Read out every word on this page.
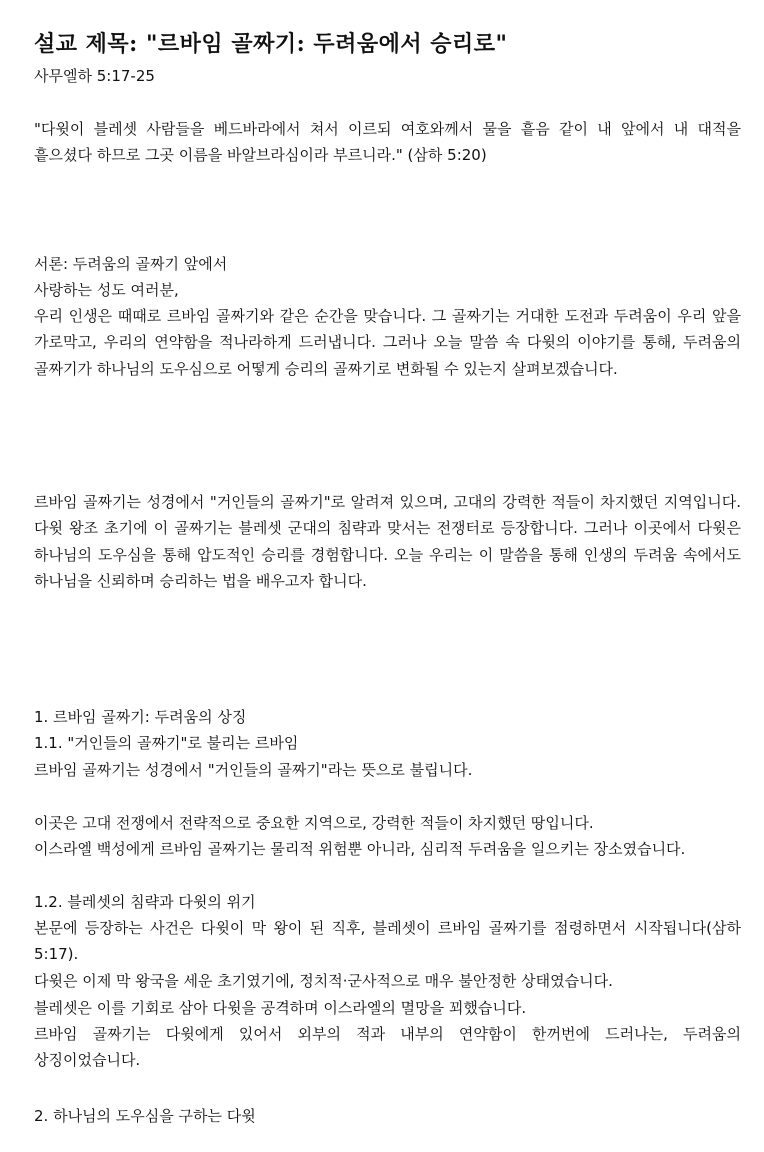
설교 제목: "르바임 골짜기: 두려움에서 승리로"
사무엘하 5:17-25

"다윗이 블레셋 사람들을 베드바라에서 쳐서 이르되 여호와께서 물을 흩음 같이 내 앞에서 내 대적을 흩으셨다 하므로 그곳 이름을 바알브라심이라 부르니라." (삼하 5:20)

서론: 두려움의 골짜기 앞에서
사랑하는 성도 여러분,

우리 인생은 때때로 르바임 골짜기와 같은 순간을 맞습니다. 그 골짜기는 거대한 도전과 두려움이 우리 앞을 가로막고, 우리의 연약함을 적나라하게 드러냅니다. 그러나 오늘 말씀 속 다윗의 이야기를 통해, 두려움의 골짜기가 하나님의 도우심으로 어떻게 승리의 골짜기로 변화될 수 있는지 살펴보겠습니다.

르바임 골짜기는 성경에서 "거인들의 골짜기"로 알려져 있으며, 고대의 강력한 적들이 차지했던 지역입니다. 다윗 왕조 초기에 이 골짜기는 블레셋 군대의 침략과 맞서는 전쟁터로 등장합니다. 그러나 이곳에서 다윗은 하나님의 도우심을 통해 압도적인 승리를 경험합니다. 오늘 우리는 이 말씀을 통해 인생의 두려움 속에서도 하나님을 신뢰하며 승리하는 법을 배우고자 합니다.

1. 르바임 골짜기: 두려움의 상징
1.1. "거인들의 골짜기"로 불리는 르바임
르바임 골짜기는 성경에서 "거인들의 골짜기"라는 뜻으로 불립니다.
이곳은 고대 전쟁에서 전략적으로 중요한 지역으로, 강력한 적들이 차지했던 땅입니다.

이스라엘 백성에게 르바임 골짜기는 물리적 위험뿐 아니라, 심리적 두려움을 일으키는 장소였습니다.

1.2. 블레셋의 침략과 다윗의 위기

본문에 등장하는 사건은 다윗이 막 왕이 된 직후, 블레셋이 르바임 골짜기를 점령하면서 시작됩니다(삼하 5:17).

다윗은 이제 막 왕국을 세운 초기였기에, 정치적·군사적으로 매우 불안정한 상태였습니다.
블레셋은 이를 기회로 삼아 다윗을 공격하며 이스라엘의 멸망을 꾀했습니다.

르바임 골짜기는 다윗에게 있어서 외부의 적과 내부의 연약함이 한꺼번에 드러나는, 두려움의 상징이었습니다.

2. 하나님의 도우심을 구하는 다윗
